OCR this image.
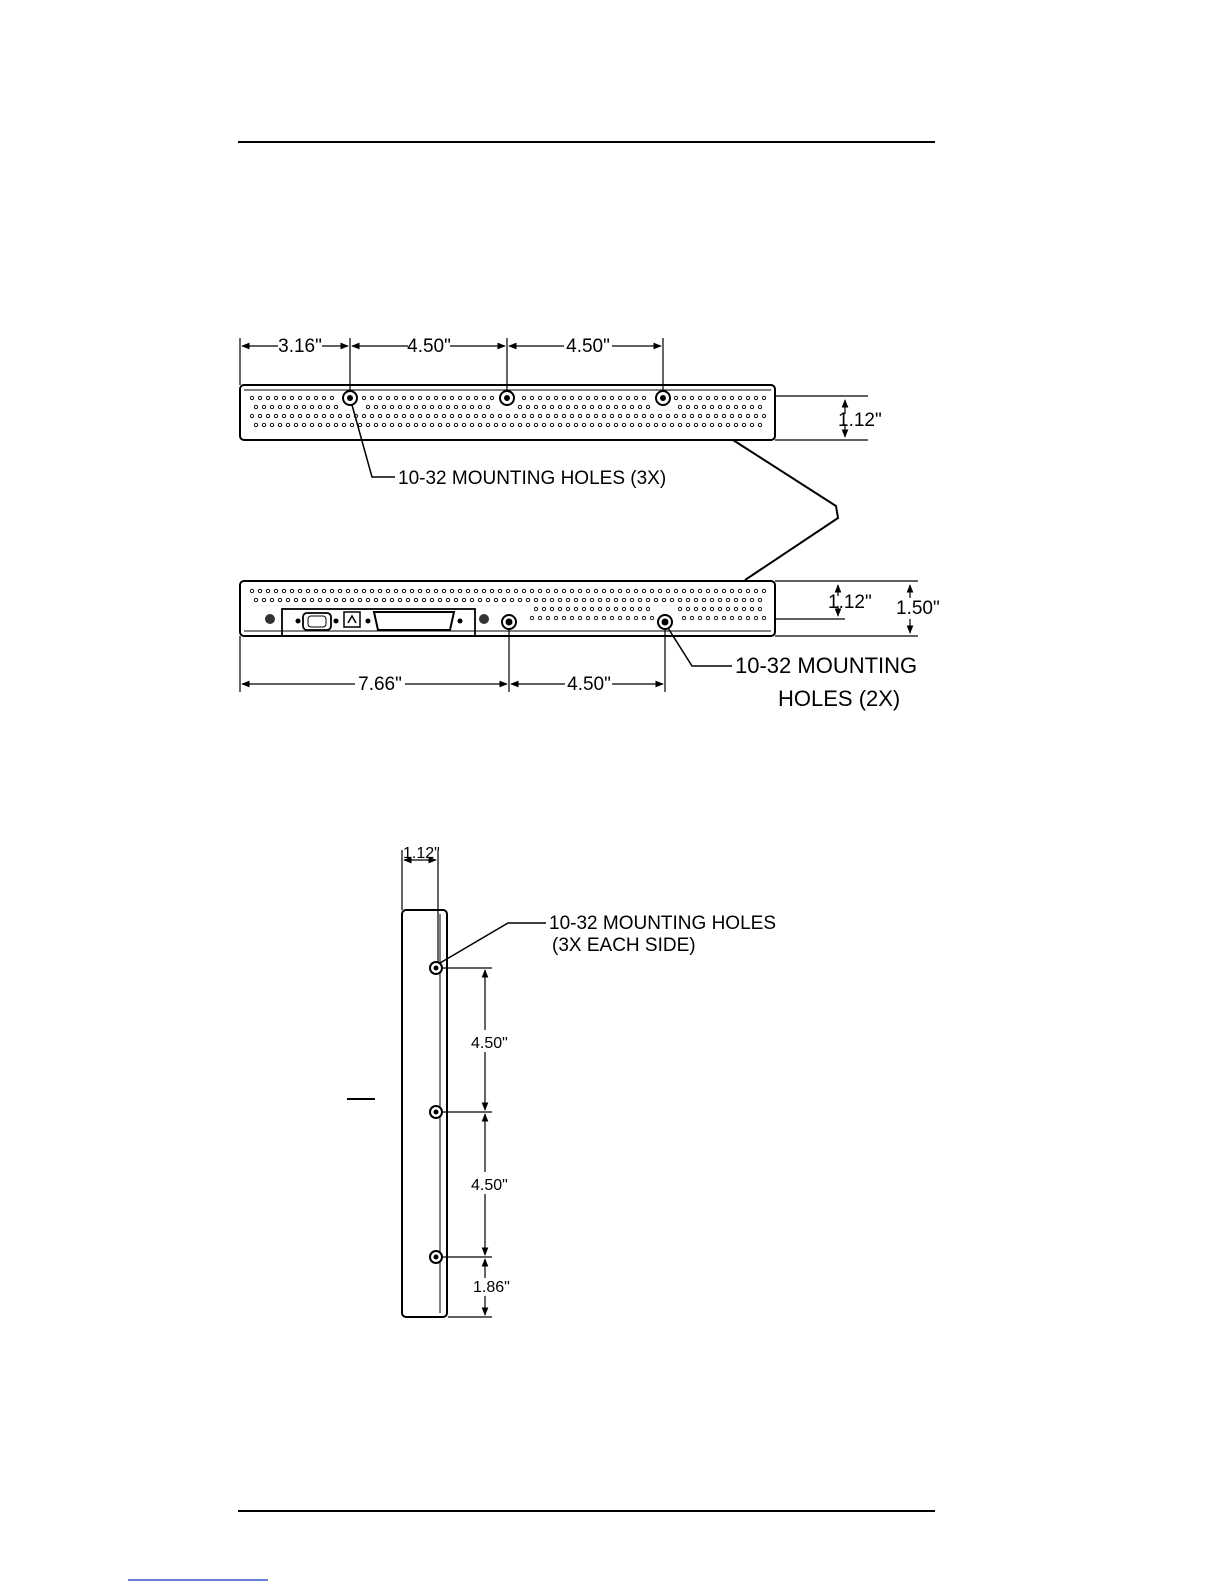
3.16"	4.50"	4.50"
1.12"
10-32 MOUNTING HOLES (3X)
7.66"	4.50"
1.12" 1.50"
10-32 MOUNTING
HOLES (2X)
1.12"
4.50"
4.50"
1.86"
10-32 MOUNTING HOLES
(3X EACH SIDE)
